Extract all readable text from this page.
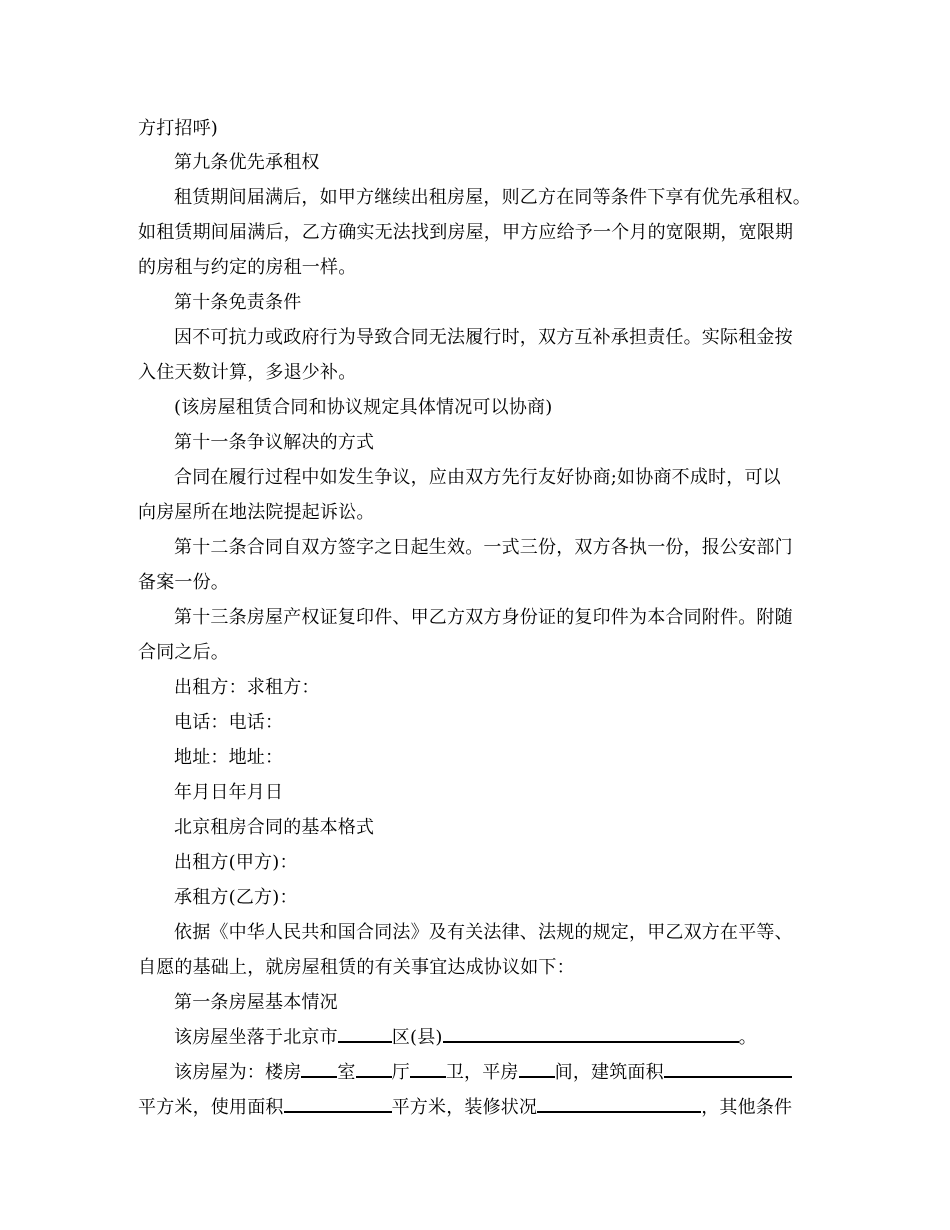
方打招呼)
第九条优先承租权
租赁期间届满后，如甲方继续出租房屋，则乙方在同等条件下享有优先承租权。
如租赁期间届满后，乙方确实无法找到房屋，甲方应给予一个月的宽限期，宽限期
的房租与约定的房租一样。
第十条免责条件
因不可抗力或政府行为导致合同无法履行时，双方互补承担责任。实际租金按
入住天数计算，多退少补。
(该房屋租赁合同和协议规定具体情况可以协商)
第十一条争议解决的方式
合同在履行过程中如发生争议，应由双方先行友好协商;如协商不成时，可以
向房屋所在地法院提起诉讼。
第十二条合同自双方签字之日起生效。一式三份，双方各执一份，报公安部门
备案一份。
第十三条房屋产权证复印件、甲乙方双方身份证的复印件为本合同附件。附随
合同之后。
出租方：求租方：
电话：电话：
地址：地址：
年月日年月日
北京租房合同的基本格式
出租方(甲方)：
承租方(乙方)：
依据《中华人民共和国合同法》及有关法律、法规的规定，甲乙双方在平等、
自愿的基础上，就房屋租赁的有关事宜达成协议如下：
第一条房屋基本情况
该房屋坐落于北京市	区(县)	。
该房屋为：楼房 室 厅 卫，平房 间，建筑面积
平方米，使用面积	平方米，装修状况	，其他条件
